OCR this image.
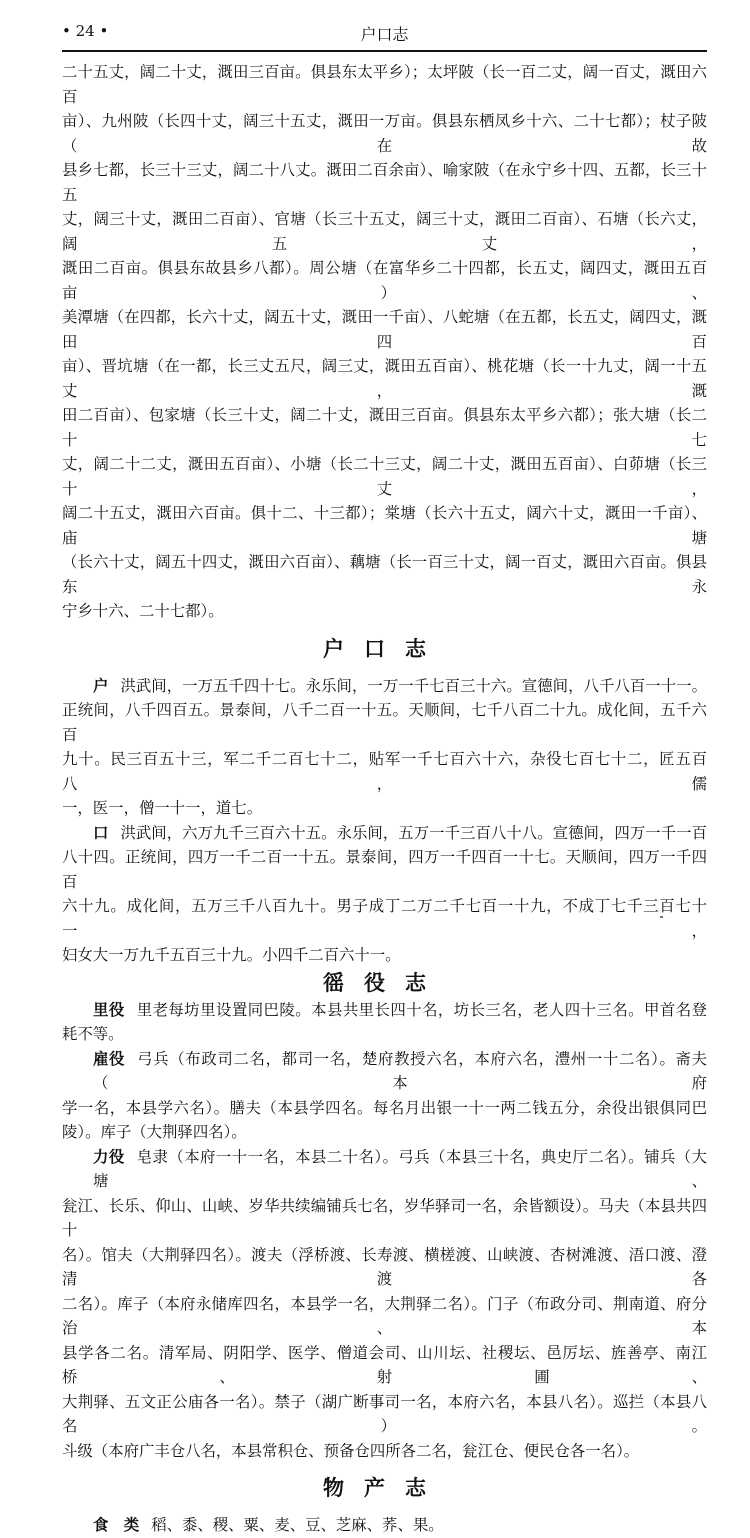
• 24 •	户口志
二十五丈，阔二十丈，溉田三百亩。俱县东太平乡）；太坪陂（长一百二丈，阔一百丈，溉田六百
亩）、九州陂（长四十丈，阔三十五丈，溉田一万亩。俱县东栖凤乡十六、二十七都）；杖子陂（在故
县乡七都，长三十三丈，阔二十八丈。溉田二百余亩）、喻家陂（在永宁乡十四、五都，长三十五
丈，阔三十丈，溉田二百亩）、官塘（长三十五丈，阔三十丈，溉田二百亩）、石塘（长六丈，阔五丈，
溉田二百亩。俱县东故县乡八都）。周公塘（在富华乡二十四都，长五丈，阔四丈，溉田五百亩）、
美潭塘（在四都，长六十丈，阔五十丈，溉田一千亩）、八蛇塘（在五都，长五丈，阔四丈，溉田四百
亩）、晋坑塘（在一都，长三丈五尺，阔三丈，溉田五百亩）、桃花塘（长一十九丈，阔一十五丈，溉
田二百亩）、包家塘（长三十丈，阔二十丈，溉田三百亩。俱县东太平乡六都）；张大塘（长二十七
丈，阔二十二丈，溉田五百亩）、小塘（长二十三丈，阔二十丈，溉田五百亩）、白茆塘（长三十丈，
阔二十五丈，溉田六百亩。俱十二、十三都）；棠塘（长六十五丈，阔六十丈，溉田一千亩）、庙塘
（长六十丈，阔五十四丈，溉田六百亩）、藕塘（长一百三十丈，阔一百丈，溉田六百亩。俱县东永
宁乡十六、二十七都）。
户口志
户 洪武间，一万五千四十七。永乐间，一万一千七百三十六。宣德间，八千八百一十一。
正统间，八千四百五。景泰间，八千二百一十五。天顺间，七千八百二十九。成化间，五千六百
九十。民三百五十三，军二千二百七十二，贴军一千七百六十六，杂役七百七十二，匠五百八，儒
一，医一，僧一十一，道七。
口 洪武间，六万九千三百六十五。永乐间，五万一千三百八十八。宣德间，四万一千一百
八十四。正统间，四万一千二百一十五。景泰间，四万一千四百一十七。天顺间，四万一千四百
六十九。成化间，五万三千八百九十。男子成丁二万二千七百一十九，不成丁七千三百七十一，
妇女大一万九千五百三十九。小四千二百六十一。
徭役志
里役 里老每坊里设置同巴陵。本县共里长四十名，坊长三名，老人四十三名。甲首名登
耗不等。
雇役 弓兵（布政司二名，都司一名，楚府教授六名，本府六名，澧州一十二名）。斋夫（本府
学一名，本县学六名）。膳夫（本县学四名。每名月出银一十一两二钱五分，余役出银俱同巴
陵）。库子（大荆驿四名）。
力役 皂隶（本府一十一名，本县二十名）。弓兵（本县三十名，典史厅二名）。铺兵（大塘、
瓮江、长乐、仰山、山峡、岁华共续编铺兵七名，岁华驿司一名，余皆额设）。马夫（本县共四十
名）。馆夫（大荆驿四名）。渡夫（浮桥渡、长寿渡、横槎渡、山峡渡、杏树滩渡、浯口渡、澄清渡各
二名）。库子（本府永储库四名，本县学一名，大荆驿二名）。门子（布政分司、荆南道、府分治、本
县学各二名。清军局、阴阳学、医学、僧道会司、山川坛、社稷坛、邑厉坛、旌善亭、南江桥、射圃、
大荆驿、五文正公庙各一名）。禁子（湖广断事司一名，本府六名，本县八名）。巡拦（本县八名）。
斗级（本府广丰仓八名，本县常积仓、预备仓四所各二名，瓮江仓、便民仓各一名）。
物产志
食　类 稻、黍、稷、粟、麦、豆、芝麻、荞、果。
